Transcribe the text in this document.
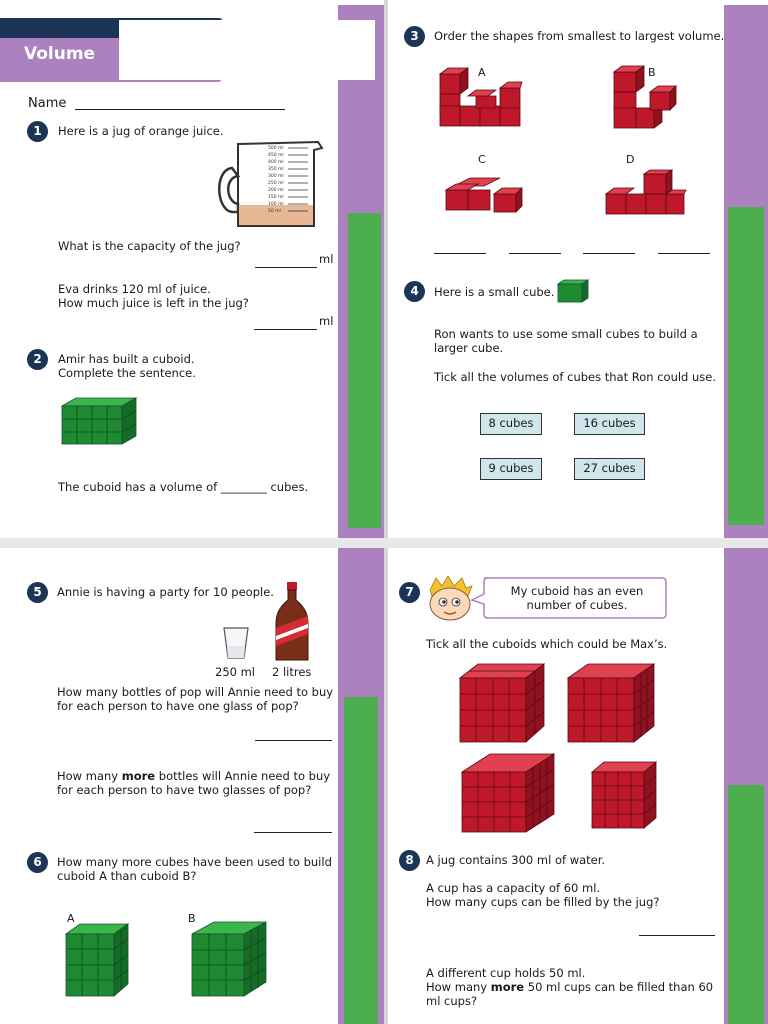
Volume
Name
1	Here is a jug of orange juice.
500 ml
450 ml
400 ml
350 ml
300 ml
250 ml
200 ml
150 ml
100 ml
50 ml
What is the capacity of the jug?
ml
Eva drinks 120 ml of juice.
How much juice is left in the jug?
ml
2	Amir has built a cuboid.
Complete the sentence.
The cuboid has a volume of ________ cubes.
3	Order the shapes from smallest to largest volume.
A	B
C	D
4	Here is a small cube.
Ron wants to use some small cubes to build a
larger cube.
Tick all the volumes of cubes that Ron could use.
8 cubes	16 cubes
9 cubes	27 cubes
5	Annie is having a party for 10 people.
250 ml 2 litres
How many bottles of pop will Annie need to buy
for each person to have one glass of pop?
How many more bottles will Annie need to buy
for each person to have two glasses of pop?
6	How many more cubes have been used to build
cuboid A than cuboid B?
A	B
7	My cuboid has an even
number of cubes.
Tick all the cuboids which could be Max’s.
8	A jug contains 300 ml of water.
A cup has a capacity of 60 ml.
How many cups can be filled by the jug?
A different cup holds 50 ml.
How many more 50 ml cups can be filled than 60
ml cups?
